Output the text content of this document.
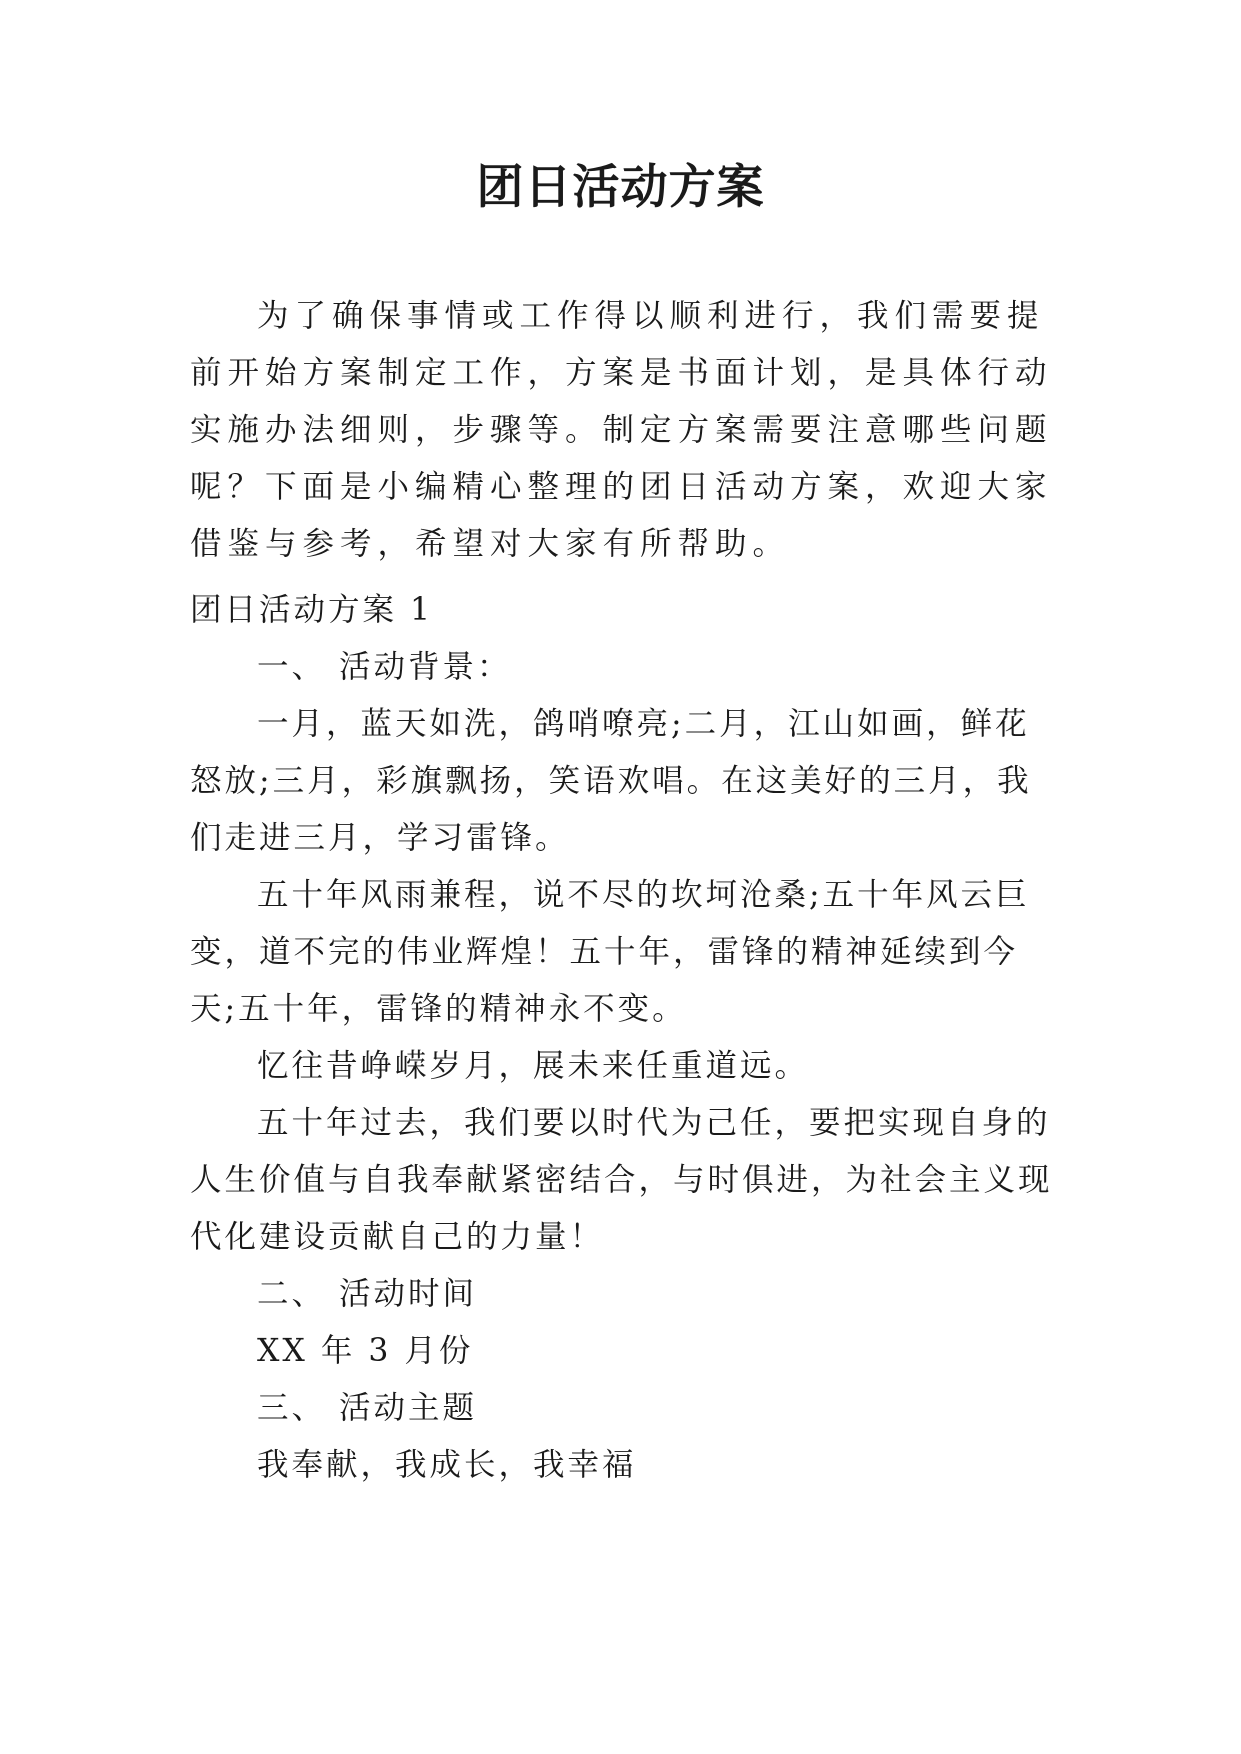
团日活动方案

为了确保事情或工作得以顺利进行，我们需要提前开始方案制定工作，方案是书面计划，是具体行动实施办法细则，步骤等。制定方案需要注意哪些问题呢？下面是小编精心整理的团日活动方案，欢迎大家借鉴与参考，希望对大家有所帮助。

团日活动方案 1

一、 活动背景：

一月，蓝天如洗，鸽哨嘹亮;二月，江山如画，鲜花怒放;三月，彩旗飘扬，笑语欢唱。在这美好的三月，我们走进三月，学习雷锋。

五十年风雨兼程，说不尽的坎坷沧桑;五十年风云巨变，道不完的伟业辉煌！五十年，雷锋的精神延续到今天;五十年，雷锋的精神永不变。

忆往昔峥嵘岁月，展未来任重道远。

五十年过去，我们要以时代为己任，要把实现自身的人生价值与自我奉献紧密结合，与时俱进，为社会主义现代化建设贡献自己的力量！

二、 活动时间

XX 年 3 月份

三、 活动主题

我奉献，我成长，我幸福
